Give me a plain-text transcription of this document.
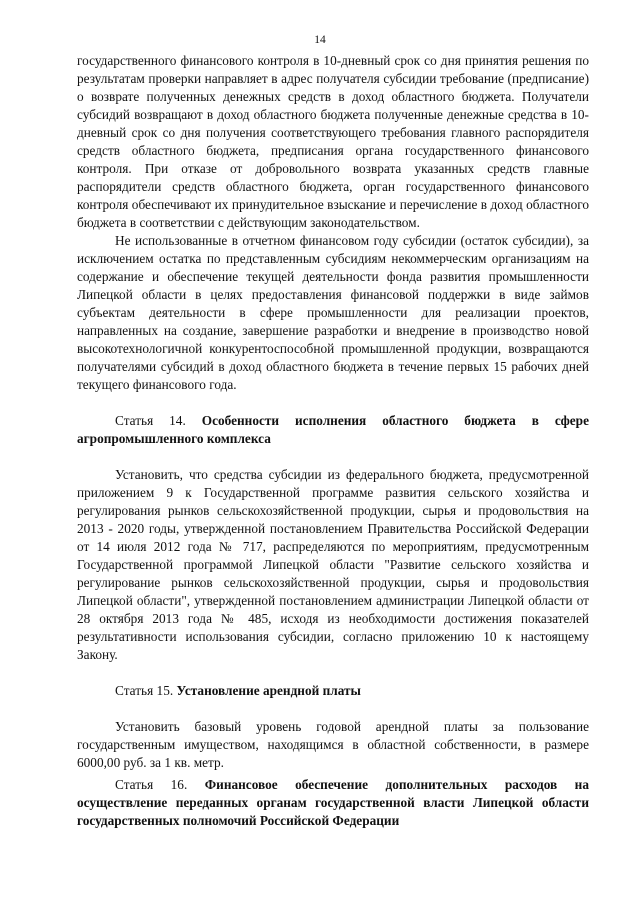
14

государственного финансового контроля в 10-дневный срок со дня принятия решения по результатам проверки направляет в адрес получателя субсидии требование (предписание) о возврате полученных денежных средств в доход областного бюджета. Получатели субсидий возвращают в доход областного бюджета полученные денежные средства в 10-дневный срок со дня получения соответствующего требования главного распорядителя средств областного бюджета, предписания органа государственного финансового контроля. При отказе от добровольного возврата указанных средств главные распорядители средств областного бюджета, орган государственного финансового контроля обеспечивают их принудительное взыскание и перечисление в доход областного бюджета в соответствии с действующим законодательством.

Не использованные в отчетном финансовом году субсидии (остаток субсидии), за исключением остатка по представленным субсидиям некоммерческим организациям на содержание и обеспечение текущей деятельности фонда развития промышленности Липецкой области в целях предоставления финансовой поддержки в виде займов субъектам деятельности в сфере промышленности для реализации проектов, направленных на создание, завершение разработки и внедрение в производство новой высокотехнологичной конкурентоспособной промышленной продукции, возвращаются получателями субсидий в доход областного бюджета в течение первых 15 рабочих дней текущего финансового года.

Статья 14. Особенности исполнения областного бюджета в сфере агропромышленного комплекса

Установить, что средства субсидии из федерального бюджета, предусмотренной приложением 9 к Государственной программе развития сельского хозяйства и регулирования рынков сельскохозяйственной продукции, сырья и продовольствия на 2013 - 2020 годы, утвержденной постановлением Правительства Российской Федерации от 14 июля 2012 года № 717, распределяются по мероприятиям, предусмотренным Государственной программой Липецкой области "Развитие сельского хозяйства и регулирование рынков сельскохозяйственной продукции, сырья и продовольствия Липецкой области", утвержденной постановлением администрации Липецкой области от 28 октября 2013 года № 485, исходя из необходимости достижения показателей результативности использования субсидии, согласно приложению 10 к настоящему Закону.

Статья 15. Установление арендной платы

Установить базовый уровень годовой арендной платы за пользование государственным имуществом, находящимся в областной собственности, в размере 6000,00 руб. за 1 кв. метр.

Статья 16. Финансовое обеспечение дополнительных расходов на осуществление переданных органам государственной власти Липецкой области государственных полномочий Российской Федерации
